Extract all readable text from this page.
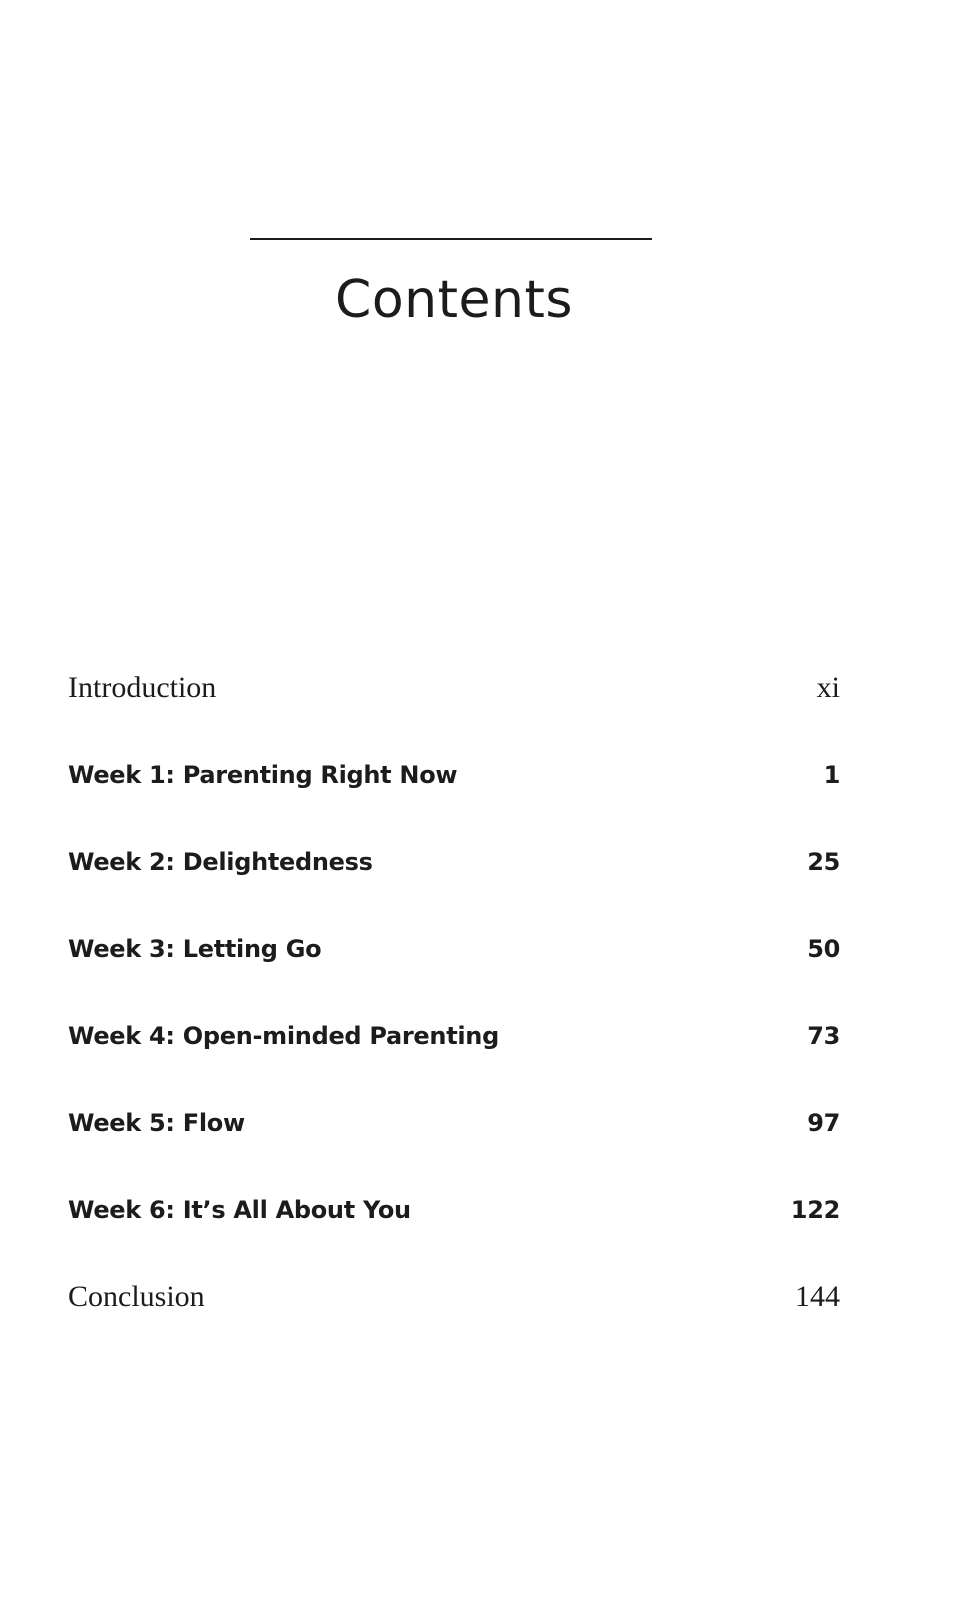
Contents
Introduction	xi
Week 1: Parenting Right Now	1
Week 2: Delightedness	25
Week 3: Letting Go	50
Week 4: Open-minded Parenting	73
Week 5: Flow	97
Week 6: It’s All About You	122
Conclusion	144
